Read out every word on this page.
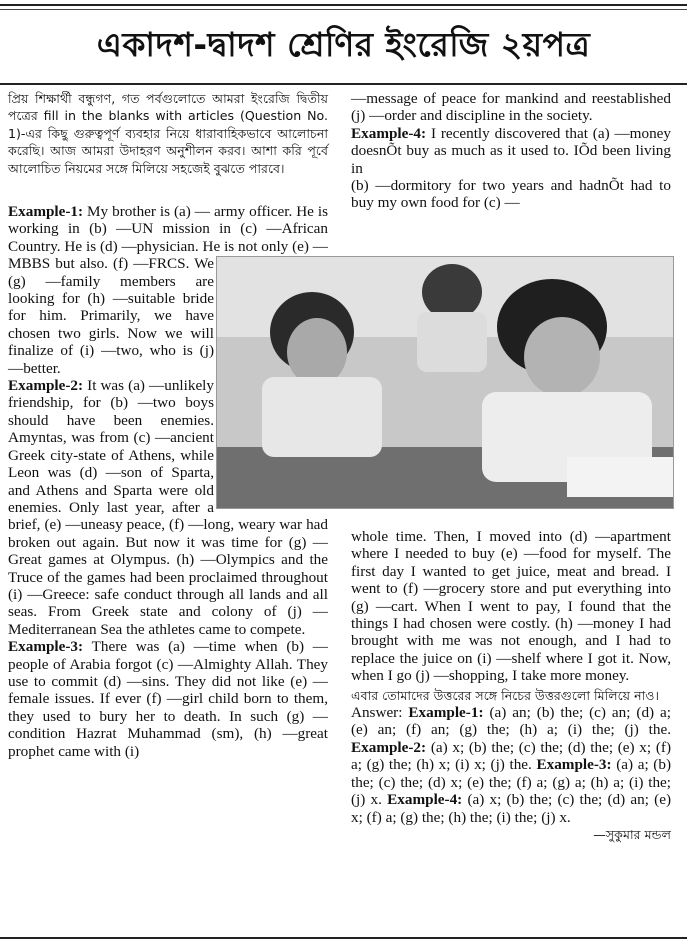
একাদশ-দ্বাদশ শ্রেণির ইংরেজি ২য়পত্র

প্রিয় শিক্ষার্থী বন্ধুগণ, গত পর্বগুলোতে আমরা ইংরেজি দ্বিতীয় পত্রের fill in the blanks with articles (Question No. 1)-এর কিছু গুরুত্বপূর্ণ ব্যবহার নিয়ে ধারাবাহিকভাবে আলোচনা করেছি। আজ আমরা উদাহরণ অনুশীলন করব। আশা করি পূর্বে আলোচিত নিয়মের সঙ্গে মিলিয়ে সহজেই বুঝতে পারবে।

Example-1: My brother is (a) — army officer. He is working in (b) —UN mission in (c) —African Country. He is (d) —physician. He is not only (e) —MBBS but also. (f) —FRCS. We (g) —family members are looking for (h) —suitable bride for him. Primarily, we have chosen two girls. Now we will finalize of (i) —two, who is (j) —better.

Example-2: It was (a) —unlikely friendship, for (b) —two boys should have been enemies. Amyntas, was from (c) —ancient Greek city-state of Athens, while Leon was (d) —son of Sparta, and Athens and Sparta were old enemies. Only last year, after a brief, (e) —uneasy peace, (f) —long, weary war had broken out again. But now it was time for (g) —Great games at Olympus. (h) —Olympics and the Truce of the games had been proclaimed throughout (i) —Greece: safe conduct through all lands and all seas. From Greek state and colony of (j) —Mediterranean Sea the athletes came to compete.

Example-3: There was (a) —time when (b) —people of Arabia forgot (c) —Almighty Allah. They use to commit (d) —sins. They did not like (e) —female issues. If ever (f) —girl child born to them, they used to bury her to death. In such (g) —condition Hazrat Muhammad (sm), (h) —great prophet came with (i)

—message of peace for mankind and reestablished (j) —order and discipline in the society.

Example-4: I recently discovered that (a) —money doesnÕt buy as much as it used to. IÕd been living in

(b) —dormitory for two years and hadnÕt had to buy my own food for (c) —

whole time. Then, I moved into (d) —apartment where I needed to buy (e) —food for myself. The first day I wanted to get juice, meat and bread. I went to (f) —grocery store and put everything into (g) —cart. When I went to pay, I found that the things I had chosen were costly. (h) —money I had brought with me was not enough, and I had to replace the juice on (i) —shelf where I got it. Now, when I go (j) —shopping, I take more money.

এবার তোমাদের উত্তরের সঙ্গে নিচের উত্তরগুলো মিলিয়ে নাও।

Answer: Example-1: (a) an; (b) the; (c) an; (d) a; (e) an; (f) an; (g) the; (h) a; (i) the; (j) the. Example-2: (a) x; (b) the; (c) the; (d) the; (e) x; (f) a; (g) the; (h) x; (i) x; (j) the. Example-3: (a) a; (b) the; (c) the; (d) x; (e) the; (f) a; (g) a; (h) a; (i) the; (j) x. Example-4: (a) x; (b) the; (c) the; (d) an; (e) x; (f) a; (g) the; (h) the; (i) the; (j) x.

—সুকুমার মন্ডল
